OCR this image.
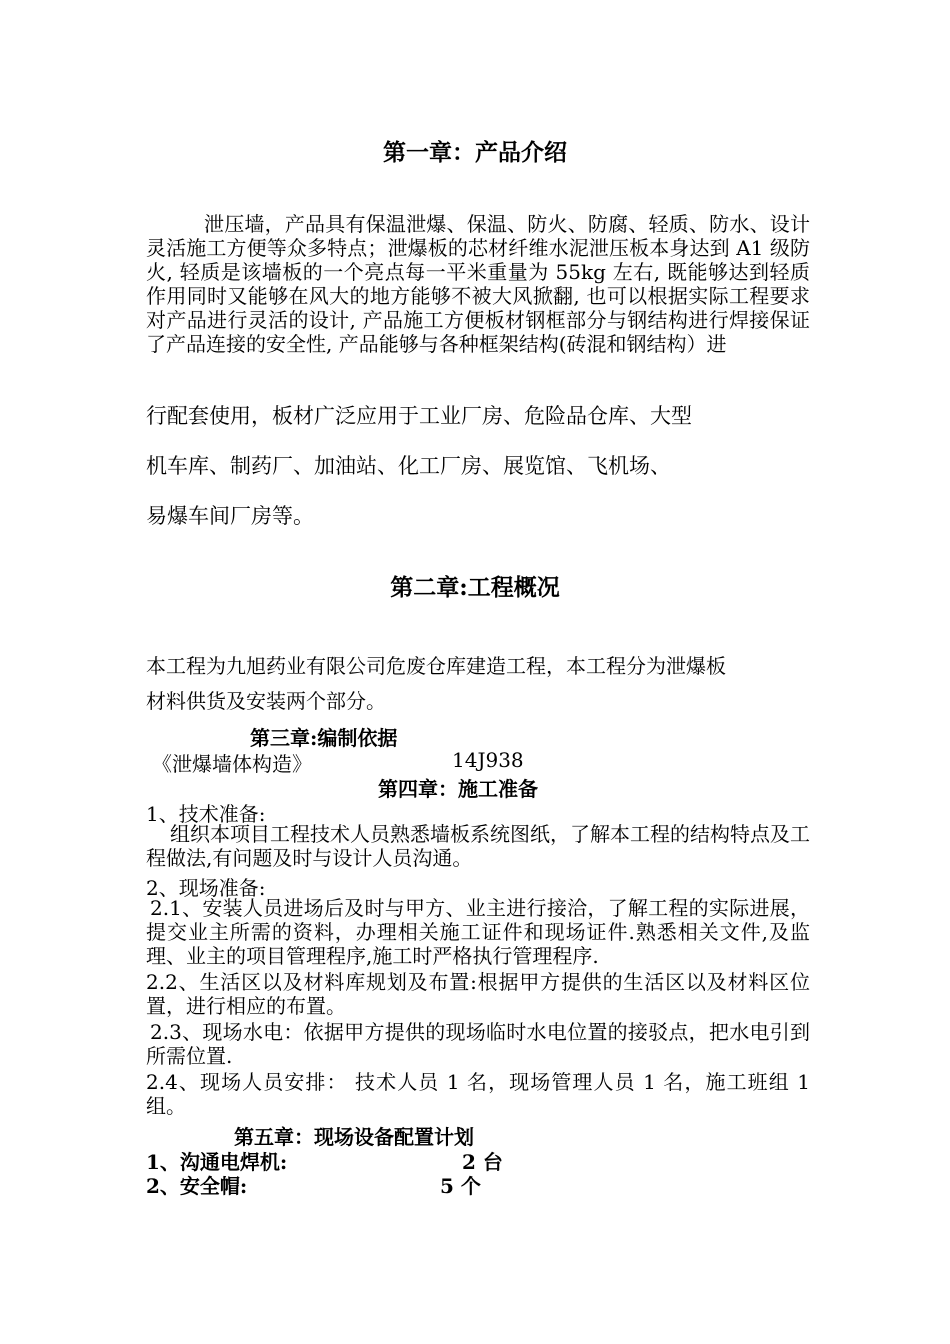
第一章：产品介绍
泄压墙，产品具有保温泄爆、保温、防火、防腐、轻质、防水、设计灵活施工方便等众多特点；泄爆板的芯材纤维水泥泄压板本身达到 A1 级防火, 轻质是该墙板的一个亮点每一平米重量为 55kg 左右, 既能够达到轻质作用同时又能够在风大的地方能够不被大风掀翻, 也可以根据实际工程要求对产品进行灵活的设计, 产品施工方便板材钢框部分与钢结构进行焊接保证了产品连接的安全性, 产品能够与各种框架结构(砖混和钢结构）进
行配套使用，板材广泛应用于工业厂房、危险品仓库、大型
机车库、制药厂、加油站、化工厂房、展览馆、飞机场、
易爆车间厂房等。
第二章:工程概况
本工程为九旭药业有限公司危废仓库建造工程，本工程分为泄爆板
材料供货及安装两个部分。
第三章:编制依据
《泄爆墙体构造》	14J938
第四章：施工准备
1、技术准备:
组织本项目工程技术人员熟悉墙板系统图纸，了解本工程的结构特点及工程做法,有问题及时与设计人员沟通。
2、现场准备:
2.1、安装人员进场后及时与甲方、业主进行接洽，了解工程的实际进展，提交业主所需的资料，办理相关施工证件和现场证件.熟悉相关文件,及监理、业主的项目管理程序,施工时严格执行管理程序.
2.2、生活区以及材料库规划及布置:根据甲方提供的生活区以及材料区位置，进行相应的布置。
2.3、现场水电：依据甲方提供的现场临时水电位置的接驳点，把水电引到所需位置.
2.4、现场人员安排： 技术人员 1 名，现场管理人员 1 名，施工班组 1 组。
第五章：现场设备配置计划
1、沟通电焊机:	2 台
2、安全帽:	5 个
